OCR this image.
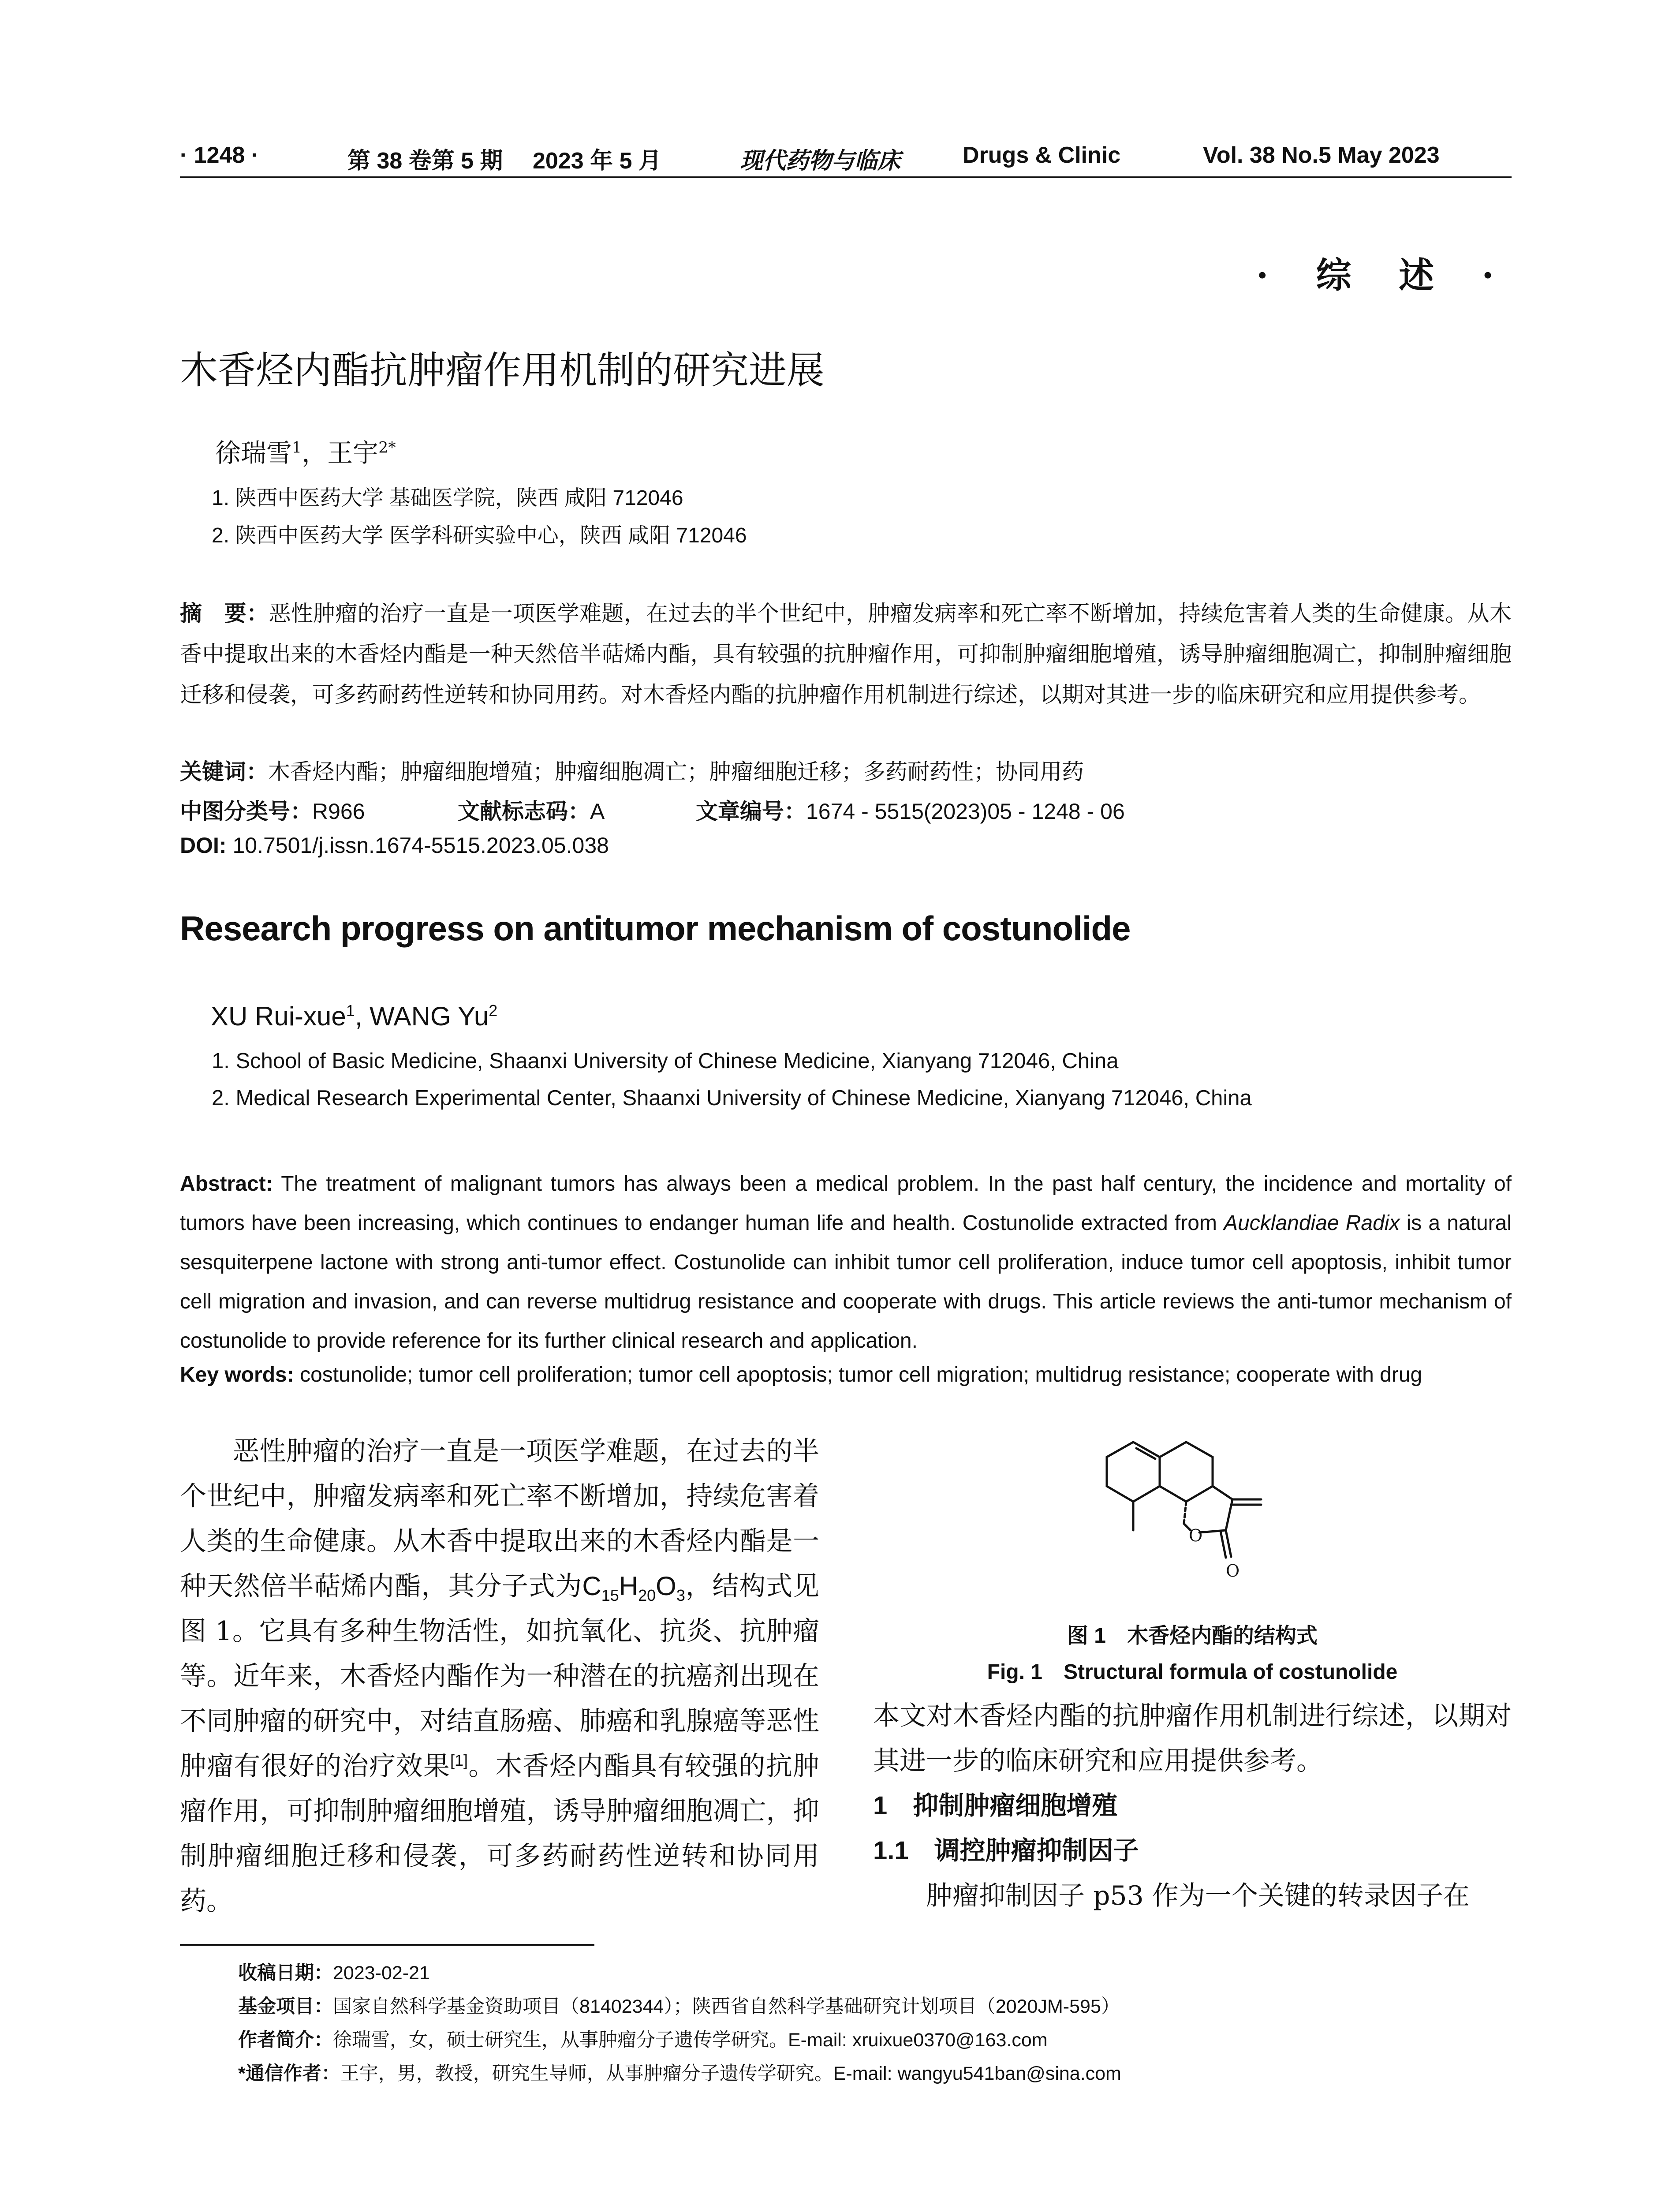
· 1248 ·	第 38 卷第 5 期 2023 年 5 月	现代药物与临床	Drugs & Clinic	Vol. 38 No.5 May 2023
· 综 述 ·
木香烃内酯抗肿瘤作用机制的研究进展
徐瑞雪$^1$，王宇$^{2*}$
1. 陕西中医药大学 基础医学院，陕西 咸阳 712046
2. 陕西中医药大学 医学科研实验中心，陕西 咸阳 712046
摘　要：恶性肿瘤的治疗一直是一项医学难题，在过去的半个世纪中，肿瘤发病率和死亡率不断增加，持续危害着人类的生命健康。从木香中提取出来的木香烃内酯是一种天然倍半萜烯内酯，具有较强的抗肿瘤作用，可抑制肿瘤细胞增殖，诱导肿瘤细胞凋亡，抑制肿瘤细胞迁移和侵袭，可多药耐药性逆转和协同用药。对木香烃内酯的抗肿瘤作用机制进行综述，以期对其进一步的临床研究和应用提供参考。
关键词：木香烃内酯；肿瘤细胞增殖；肿瘤细胞凋亡；肿瘤细胞迁移；多药耐药性；协同用药
中图分类号：R966	文献标志码：A	文章编号：1674 - 5515(2023)05 - 1248 - 06
DOI: 10.7501/j.issn.1674-5515.2023.05.038
Research progress on antitumor mechanism of costunolide
XU Rui-xue$^1$, WANG Yu$^2$
1. School of Basic Medicine, Shaanxi University of Chinese Medicine, Xianyang 712046, China
2. Medical Research Experimental Center, Shaanxi University of Chinese Medicine, Xianyang 712046, China
Abstract: The treatment of malignant tumors has always been a medical problem. In the past half century, the incidence and mortality of tumors have been increasing, which continues to endanger human life and health. Costunolide extracted from Aucklandiae Radix is a natural sesquiterpene lactone with strong anti-tumor effect. Costunolide can inhibit tumor cell proliferation, induce tumor cell apoptosis, inhibit tumor cell migration and invasion, and can reverse multidrug resistance and cooperate with drugs. This article reviews the anti-tumor mechanism of costunolide to provide reference for its further clinical research and application.
Key words: costunolide; tumor cell proliferation; tumor cell apoptosis; tumor cell migration; multidrug resistance; cooperate with drug

恶性肿瘤的治疗一直是一项医学难题，在过去的半个世纪中，肿瘤发病率和死亡率不断增加，持续危害着人类的生命健康。从木香中提取出来的木香烃内酯是一种天然倍半萜烯内酯，其分子式为$C_{15}H_{20}O_3$，结构式见图 1。它具有多种生物活性，如抗氧化、抗炎、抗肿瘤等。近年来，木香烃内酯作为一种潜在的抗癌剂出现在不同肿瘤的研究中，对结直肠癌、肺癌和乳腺癌等恶性肿瘤有很好的治疗效果[1]。木香烃内酯具有较强的抗肿瘤作用，可抑制肿瘤细胞增殖，诱导肿瘤细胞凋亡，抑制肿瘤细胞迁移和侵袭，可多药耐药性逆转和协同用药。

O
O
图 1　木香烃内酯的结构式
Fig. 1　Structural formula of costunolide

本文对木香烃内酯的抗肿瘤作用机制进行综述，以期对其进一步的临床研究和应用提供参考。

1　抑制肿瘤细胞增殖

1.1　调控肿瘤抑制因子

肿瘤抑制因子 p53 作为一个关键的转录因子在

收稿日期：2023-02-21
基金项目：国家自然科学基金资助项目（81402344）；陕西省自然科学基础研究计划项目（2020JM-595）
作者简介：徐瑞雪，女，硕士研究生，从事肿瘤分子遗传学研究。E-mail: xruixue0370@163.com
*通信作者：王宇，男，教授，研究生导师，从事肿瘤分子遗传学研究。E-mail: wangyu541ban@sina.com
